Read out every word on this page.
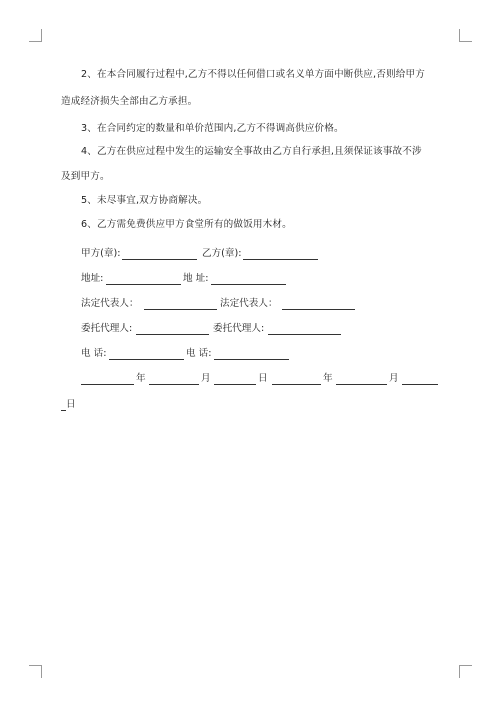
2、在本合同履行过程中,乙方不得以任何借口或名义单方面中断供应,否则给甲方
造成经济损失全部由乙方承担。
3、在合同约定的数量和单价范围内,乙方不得调高供应价格。
4、乙方在供应过程中发生的运输安全事故由乙方自行承担,且须保证该事故不涉
及到甲方。
5、未尽事宜,双方协商解决。
6、乙方需免费供应甲方食堂所有的做饭用木材。
甲方(章):	乙方(章):
地址:	地 址:
法定代表人：	法定代表人：
委托代理人:	委托代理人:
电 话:	电 话:
年	月	日	年	月
日
